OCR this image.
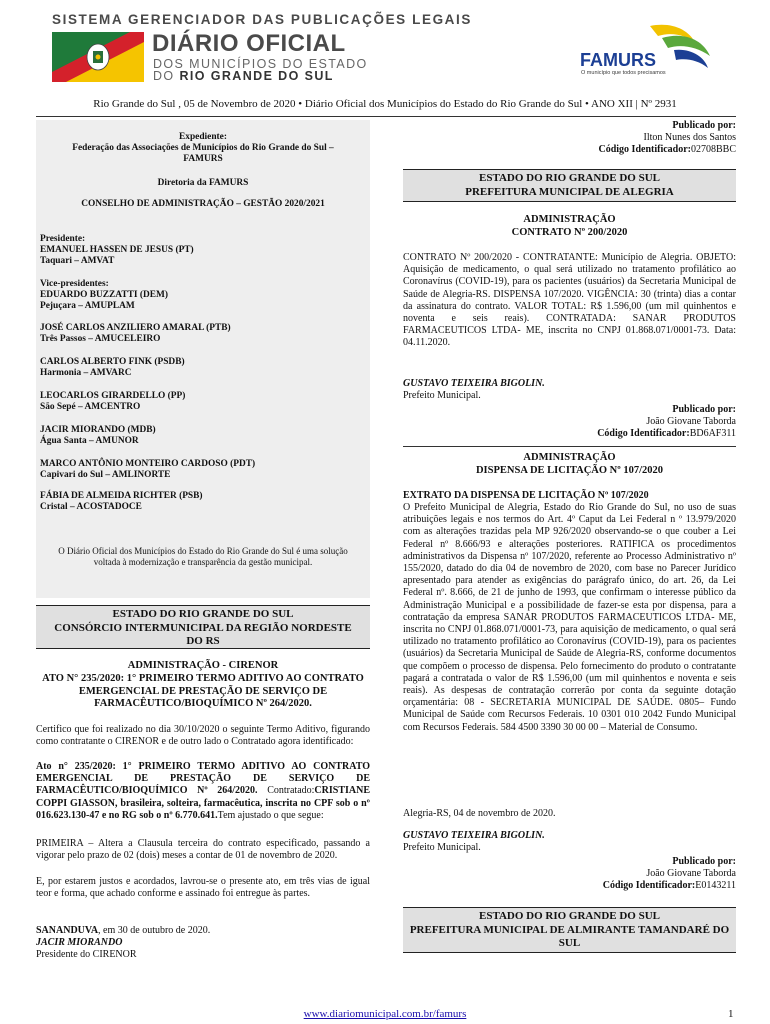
SISTEMA GERENCIADOR DAS PUBLICAÇÕES LEGAIS
DIÁRIO OFICIAL
DOS MUNICÍPIOS DO ESTADO
DO RIO GRANDE DO SUL
FAMURS
O município que todos precisamos
Rio Grande do Sul , 05 de Novembro de 2020 • Diário Oficial dos Municípios do Estado do Rio Grande do Sul • ANO XII | Nº 2931
Expediente:
Federação das Associações de Municípios do Rio Grande do Sul – FAMURS
Diretoria da FAMURS
CONSELHO DE ADMINISTRAÇÃO – GESTÃO 2020/2021
Presidente:
EMANUEL HASSEN DE JESUS (PT)
Taquari – AMVAT
Vice-presidentes:
EDUARDO BUZZATTI (DEM)
Pejuçara – AMUPLAM
JOSÉ CARLOS ANZILIERO AMARAL (PTB)
Três Passos – AMUCELEIRO
CARLOS ALBERTO FINK (PSDB)
Harmonia – AMVARC
LEOCARLOS GIRARDELLO (PP)
São Sepé – AMCENTRO
JACIR MIORANDO (MDB)
Água Santa – AMUNOR
MARCO ANTÔNIO MONTEIRO CARDOSO (PDT)
Capivari do Sul – AMLINORTE
FÁBIA DE ALMEIDA RICHTER (PSB)
Cristal – ACOSTADOCE
O Diário Oficial dos Municípios do Estado do Rio Grande do Sul é uma solução voltada à modernização e transparência da gestão municipal.
ESTADO DO RIO GRANDE DO SUL
CONSÓRCIO INTERMUNICIPAL DA REGIÃO NORDESTE DO RS
ADMINISTRAÇÃO - CIRENOR
ATO N° 235/2020: 1° PRIMEIRO TERMO ADITIVO AO CONTRATO EMERGENCIAL DE PRESTAÇÃO DE SERVIÇO DE FARMACÊUTICO/BIOQUÍMICO Nº 264/2020.
Certifico que foi realizado no dia 30/10/2020 o seguinte Termo Aditivo, figurando como contratante o CIRENOR e de outro lado o Contratado agora identificado:
Ato n° 235/2020: 1° PRIMEIRO TERMO ADITIVO AO CONTRATO EMERGENCIAL DE PRESTAÇÃO DE SERVIÇO DE FARMACÊUTICO/BIOQUÍMICO Nº 264/2020. Contratado:CRISTIANE COPPI GIASSON, brasileira, solteira, farmacêutica, inscrita no CPF sob o nº 016.623.130-47 e no RG sob o nº 6.770.641.Tem ajustado o que segue:
PRIMEIRA – Altera a Clausula terceira do contrato especificado, passando a vigorar pelo prazo de 02 (dois) meses a contar de 01 de novembro de 2020.
E, por estarem justos e acordados, lavrou-se o presente ato, em três vias de igual teor e forma, que achado conforme e assinado foi entregue às partes.
SANANDUVA, em 30 de outubro de 2020.
JACIR MIORANDO
Presidente do CIRENOR
Publicado por:
Ilton Nunes dos Santos
Código Identificador:02708BBC
ESTADO DO RIO GRANDE DO SUL
PREFEITURA MUNICIPAL DE ALEGRIA
ADMINISTRAÇÃO
CONTRATO Nº 200/2020
CONTRATO Nº 200/2020 - CONTRATANTE: Município de Alegria. OBJETO: Aquisição de medicamento, o qual será utilizado no tratamento profilático ao Coronavírus (COVID-19), para os pacientes (usuários) da Secretaria Municipal de Saúde de Alegria-RS. DISPENSA 107/2020. VIGÊNCIA: 30 (trinta) dias a contar da assinatura do contrato. VALOR TOTAL: R$ 1.596,00 (um mil quinhentos e noventa e seis reais). CONTRATADA: SANAR PRODUTOS FARMACEUTICOS LTDA- ME, inscrita no CNPJ 01.868.071/0001-73. Data: 04.11.2020.
GUSTAVO TEIXEIRA BIGOLIN.
Prefeito Municipal.
Publicado por:
João Giovane Taborda
Código Identificador:BD6AF311
ADMINISTRAÇÃO
DISPENSA DE LICITAÇÃO Nº 107/2020
EXTRATO DA DISPENSA DE LICITAÇÃO Nº 107/2020
O Prefeito Municipal de Alegria, Estado do Rio Grande do Sul, no uso de suas atribuições legais e nos termos do Art. 4º Caput da Lei Federal n º 13.979/2020 com as alterações trazidas pela MP 926/2020 observando-se o que couber a Lei Federal nº 8.666/93 e alterações posteriores. RATIFICA os procedimentos administrativos da Dispensa nº 107/2020, referente ao Processo Administrativo nº 155/2020, datado do dia 04 de novembro de 2020, com base no Parecer Jurídico apresentado para atender as exigências do parágrafo único, do art. 26, da Lei Federal nº. 8.666, de 21 de junho de 1993, que confirmam o interesse público da Administração Municipal e a possibilidade de fazer-se esta por dispensa, para a contratação da empresa SANAR PRODUTOS FARMACEUTICOS LTDA- ME, inscrita no CNPJ 01.868.071/0001-73, para aquisição de medicamento, o qual será utilizado no tratamento profilático ao Coronavírus (COVID-19), para os pacientes (usuários) da Secretaria Municipal de Saúde de Alegria-RS, conforme documentos que compõem o processo de dispensa. Pelo fornecimento do produto o contratante pagará a contratada o valor de R$ 1.596,00 (um mil quinhentos e noventa e seis reais). As despesas de contratação correrão por conta da seguinte dotação orçamentária: 08 - SECRETARIA MUNICIPAL DE SAÚDE. 0805– Fundo Municipal de Saúde com Recursos Federais. 10 0301 010 2042 Fundo Municipal com Recursos Federais. 584 4500 3390 30 00 00 – Material de Consumo.
Alegria-RS, 04 de novembro de 2020.
GUSTAVO TEIXEIRA BIGOLIN.
Prefeito Municipal.
Publicado por:
João Giovane Taborda
Código Identificador:E0143211
ESTADO DO RIO GRANDE DO SUL
PREFEITURA MUNICIPAL DE ALMIRANTE TAMANDARÉ DO SUL
www.diariomunicipal.com.br/famurs	1
